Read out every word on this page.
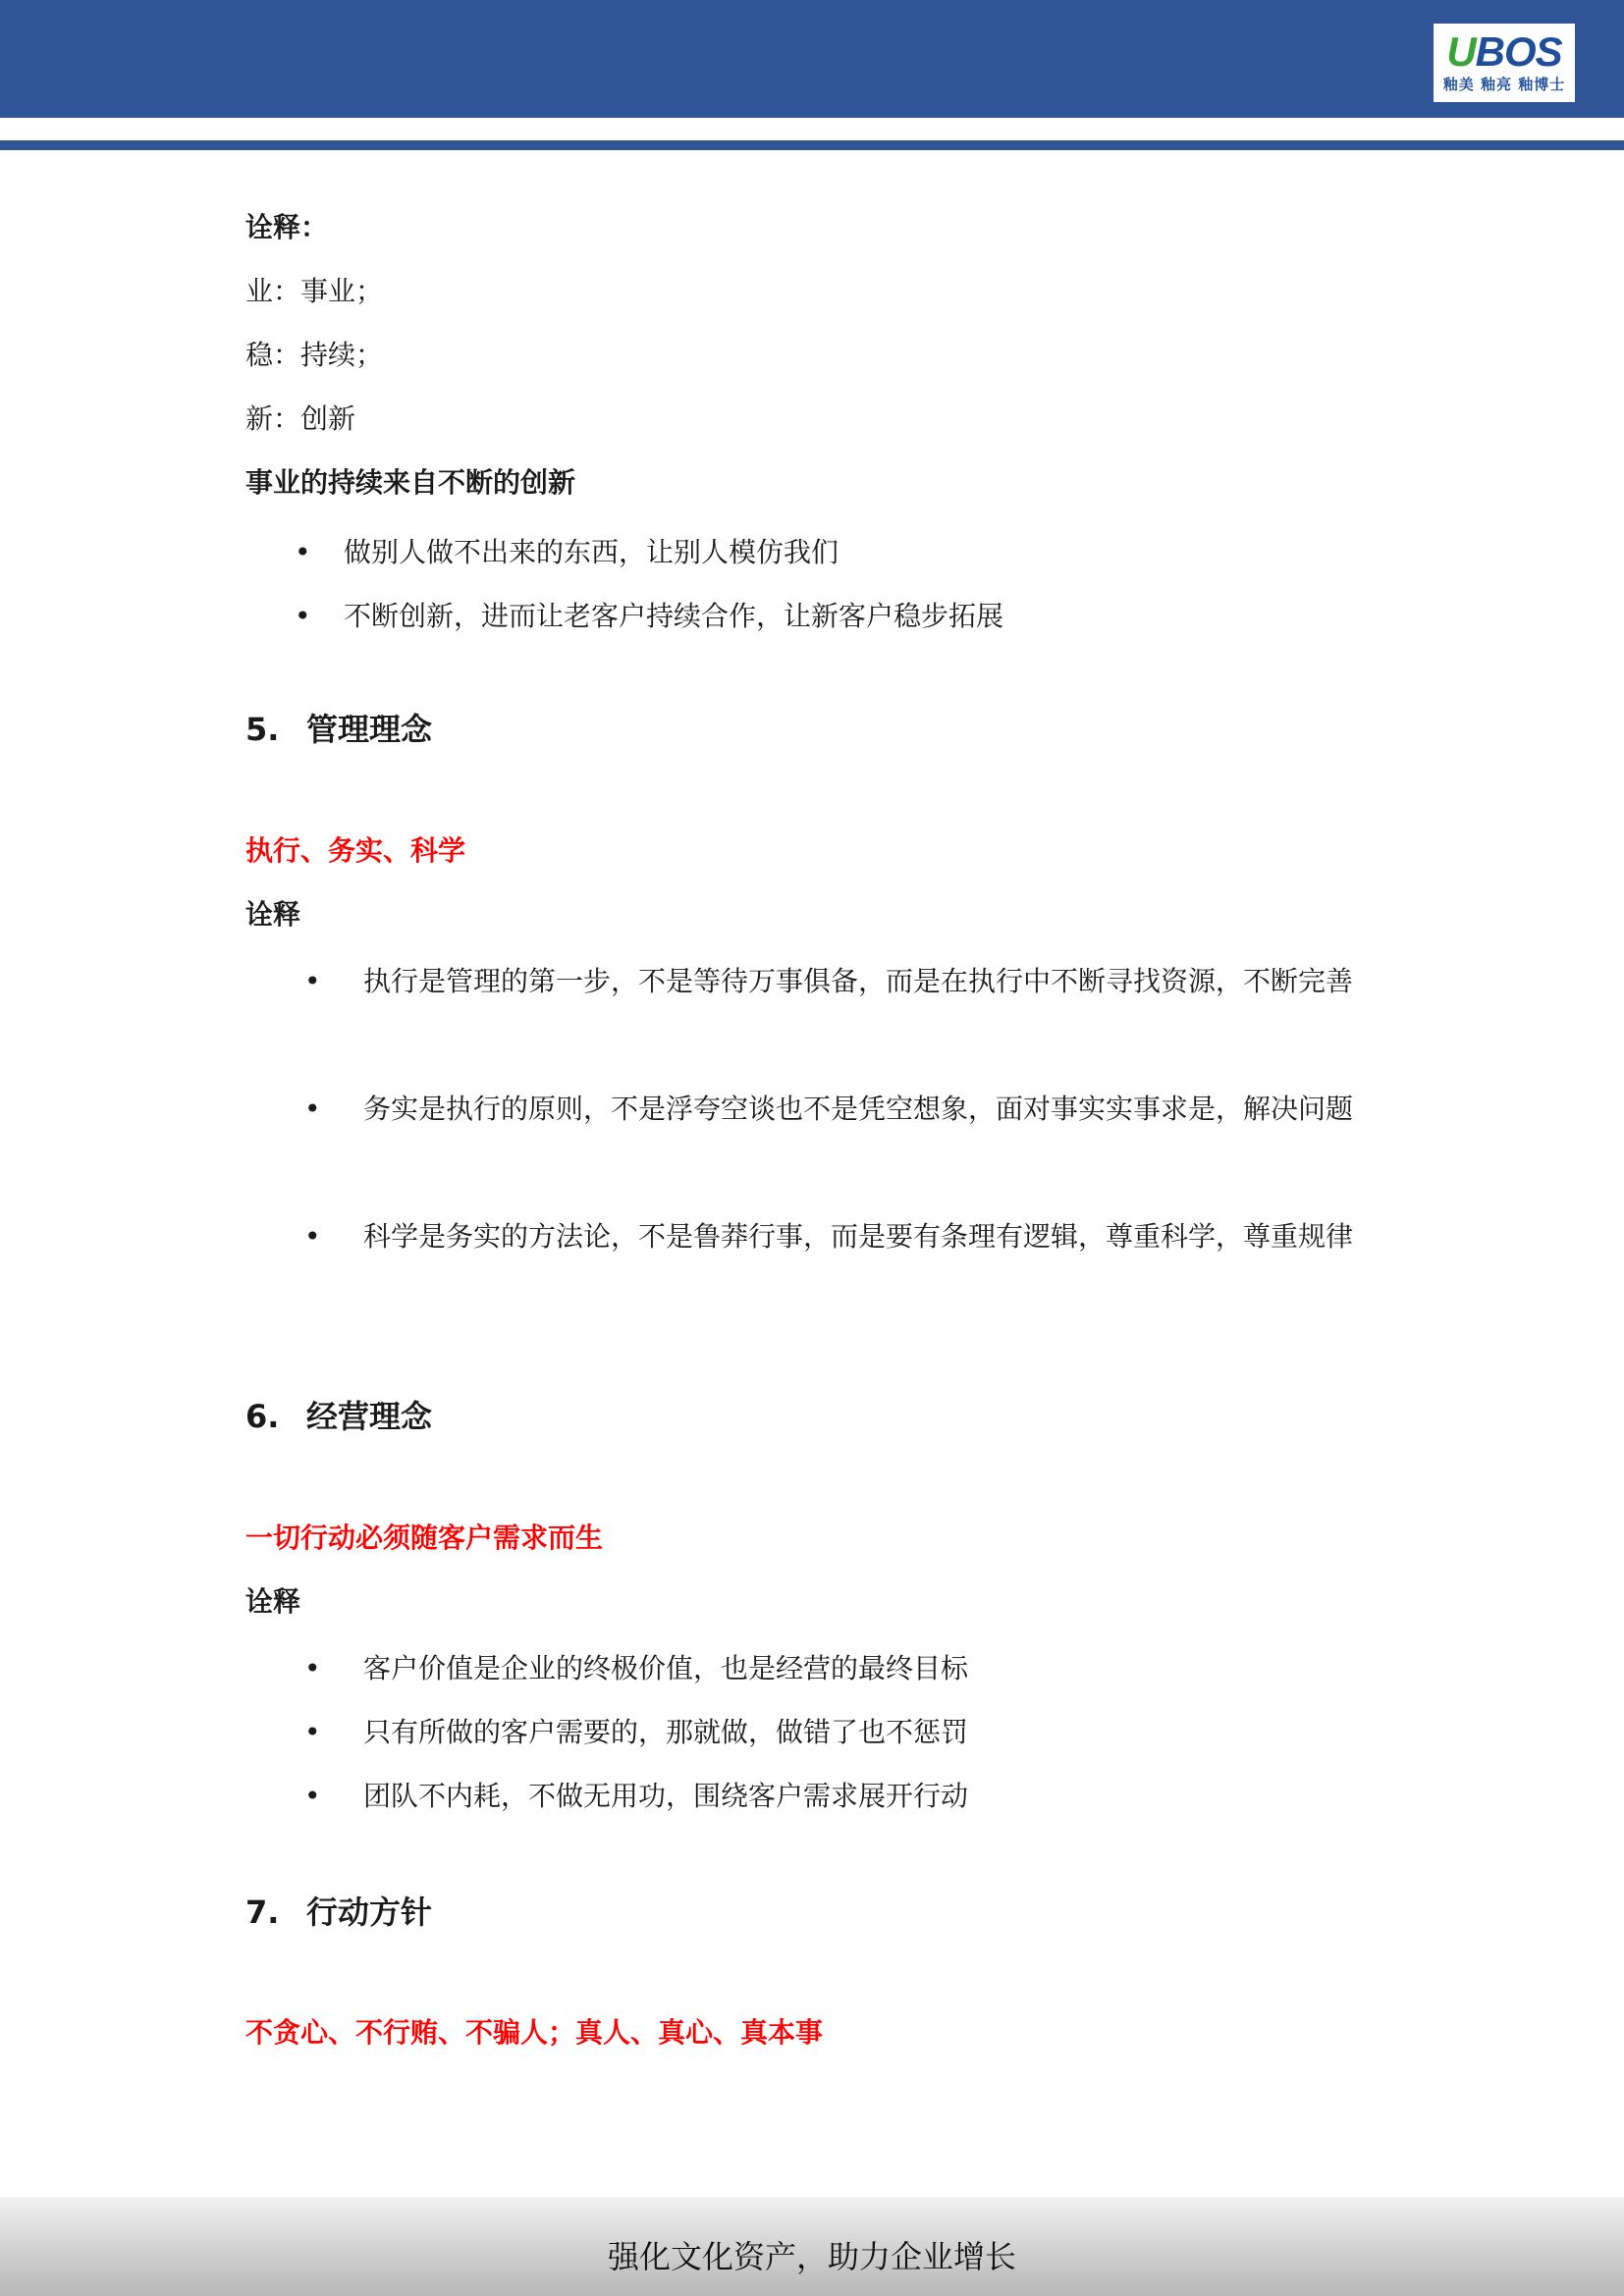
UBOS
釉美 釉亮 釉博士
诠释：
业：事业；
稳：持续；
新：创新
事业的持续来自不断的创新
• 做别人做不出来的东西，让别人模仿我们
• 不断创新，进而让老客户持续合作，让新客户稳步拓展
5. 管理理念
执行、务实、科学
诠释
• 执行是管理的第一步，不是等待万事俱备，而是在执行中不断寻找资源，不断完善
• 务实是执行的原则，不是浮夸空谈也不是凭空想象，面对事实实事求是，解决问题
• 科学是务实的方法论，不是鲁莽行事，而是要有条理有逻辑，尊重科学，尊重规律
6. 经营理念
一切行动必须随客户需求而生
诠释
• 客户价值是企业的终极价值，也是经营的最终目标
• 只有所做的客户需要的，那就做，做错了也不惩罚
• 团队不内耗，不做无用功，围绕客户需求展开行动
7. 行动方针
不贪心、不行贿、不骗人；真人、真心、真本事
强化文化资产，助力企业增长
